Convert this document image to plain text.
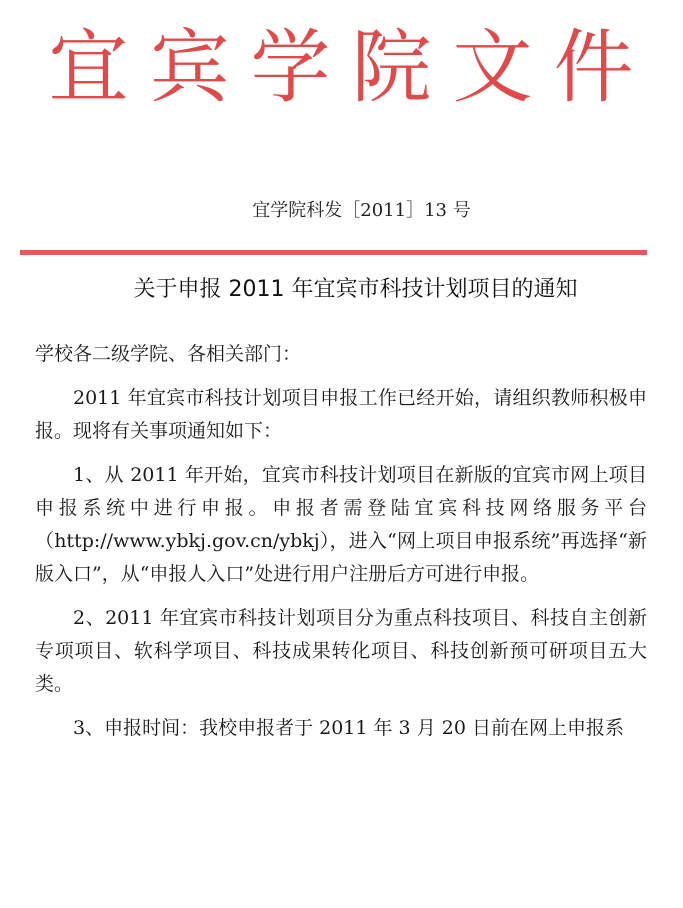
宜宾学院文件
宜学院科发［2011］13 号
关于申报 2011 年宜宾市科技计划项目的通知

学校各二级学院、各相关部门：

2011 年宜宾市科技计划项目申报工作已经开始，请组织教师积极申报。现将有关事项通知如下：

1、从 2011 年开始，宜宾市科技计划项目在新版的宜宾市网上项目申报系统中进行申报。申报者需登陆宜宾科技网络服务平台（http://www.ybkj.gov.cn/ybkj），进入“网上项目申报系统”再选择“新版入口”，从“申报人入口”处进行用户注册后方可进行申报。

2、2011 年宜宾市科技计划项目分为重点科技项目、科技自主创新专项项目、软科学项目、科技成果转化项目、科技创新预可研项目五大类。

3、申报时间：我校申报者于 2011 年 3 月 20 日前在网上申报系
